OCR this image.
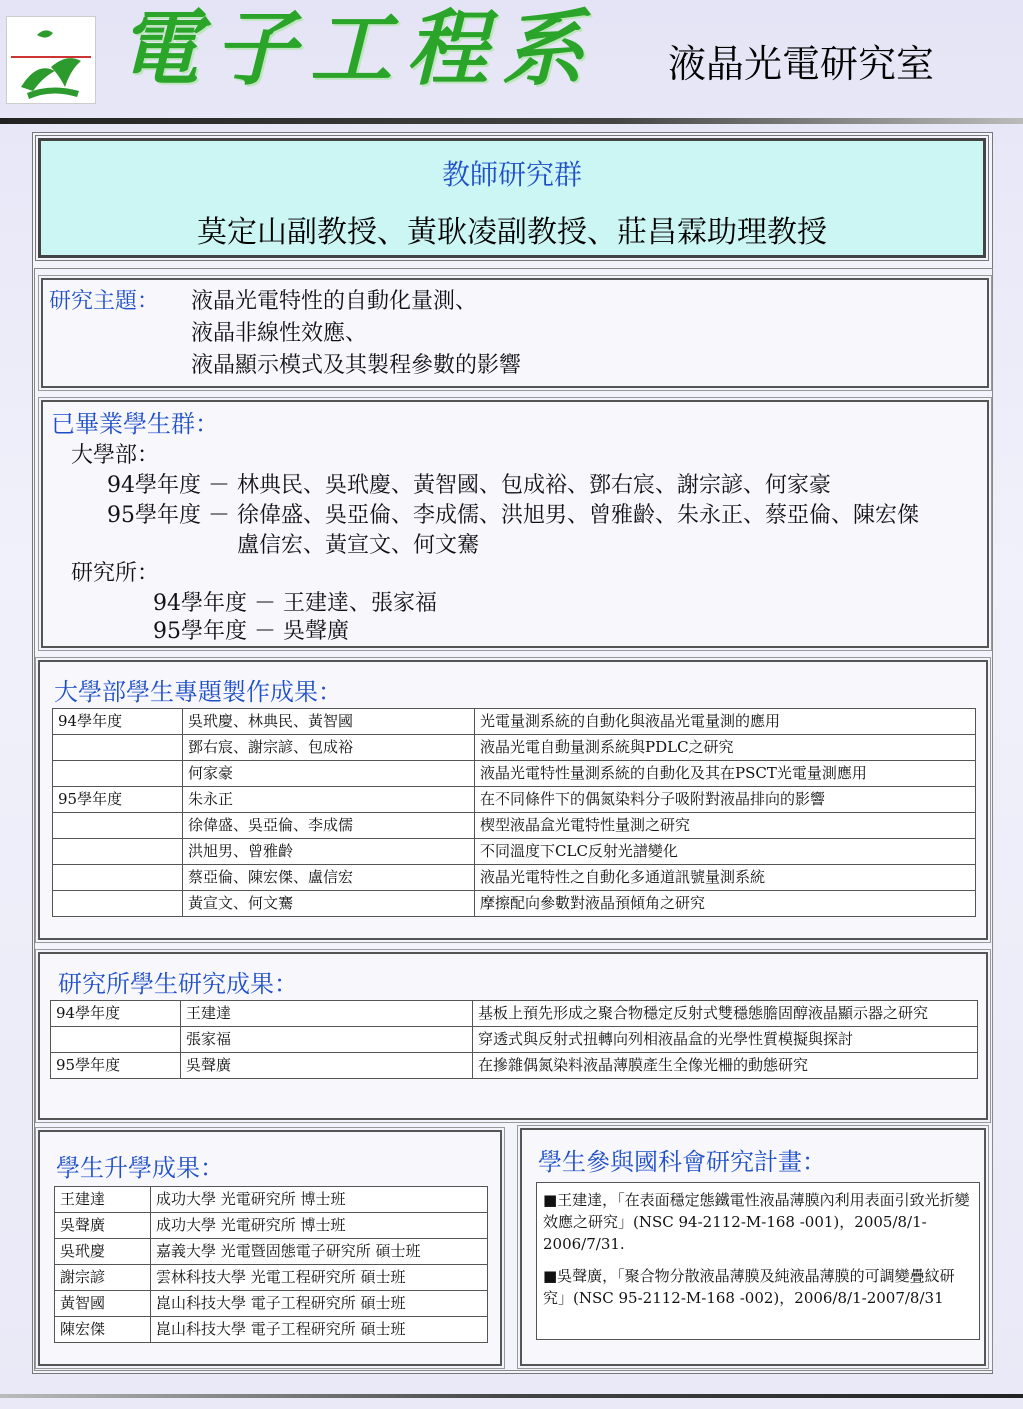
電子工程系 液晶光電研究室
教師研究群
莫定山副教授、黃耿凌副教授、莊昌霖助理教授
研究主題： 液晶光電特性的自動化量測、
液晶非線性效應、
液晶顯示模式及其製程參數的影響
已畢業學生群：
大學部：
94學年度 － 林典民、吳玳慶、黃智國、包成裕、鄧右宸、謝宗諺、何家豪
95學年度 － 徐偉盛、吳亞倫、李成儒、洪旭男、曾雅齡、朱永正、蔡亞倫、陳宏傑
盧信宏、黃宣文、何文騫
研究所：
94學年度 － 王建達、張家福
95學年度 － 吳聲廣
大學部學生專題製作成果：
94學年度	吳玳慶、林典民、黃智國	光電量測系統的自動化與液晶光電量測的應用
	鄧右宸、謝宗諺、包成裕	液晶光電自動量測系統與PDLC之研究
	何家豪	液晶光電特性量測系統的自動化及其在PSCT光電量測應用
95學年度	朱永正	在不同條件下的偶氮染料分子吸附對液晶排向的影響
	徐偉盛、吳亞倫、李成儒	楔型液晶盒光電特性量測之研究
	洪旭男、曾雅齡	不同溫度下CLC反射光譜變化
	蔡亞倫、陳宏傑、盧信宏	液晶光電特性之自動化多通道訊號量測系統
	黃宣文、何文騫	摩擦配向參數對液晶預傾角之研究
研究所學生研究成果：
94學年度	王建達	基板上預先形成之聚合物穩定反射式雙穩態膽固醇液晶顯示器之研究
	張家福	穿透式與反射式扭轉向列相液晶盒的光學性質模擬與探討
95學年度	吳聲廣	在摻雜偶氮染料液晶薄膜產生全像光柵的動態研究
學生升學成果：
王建達	成功大學 光電研究所 博士班
吳聲廣	成功大學 光電研究所 博士班
吳玳慶	嘉義大學 光電暨固態電子研究所 碩士班
謝宗諺	雲林科技大學 光電工程研究所 碩士班
黃智國	崑山科技大學 電子工程研究所 碩士班
陳宏傑	崑山科技大學 電子工程研究所 碩士班
學生參與國科會研究計畫：

■王建達，「在表面穩定態鐵電性液晶薄膜內利用表面引致光折變效應之研究」(NSC 94-2112-M-168 -001)，2005/8/1-2006/7/31.

■吳聲廣，「聚合物分散液晶薄膜及純液晶薄膜的可調變疊紋研究」(NSC 95-2112-M-168 -002)，2006/8/1-2007/8/31
